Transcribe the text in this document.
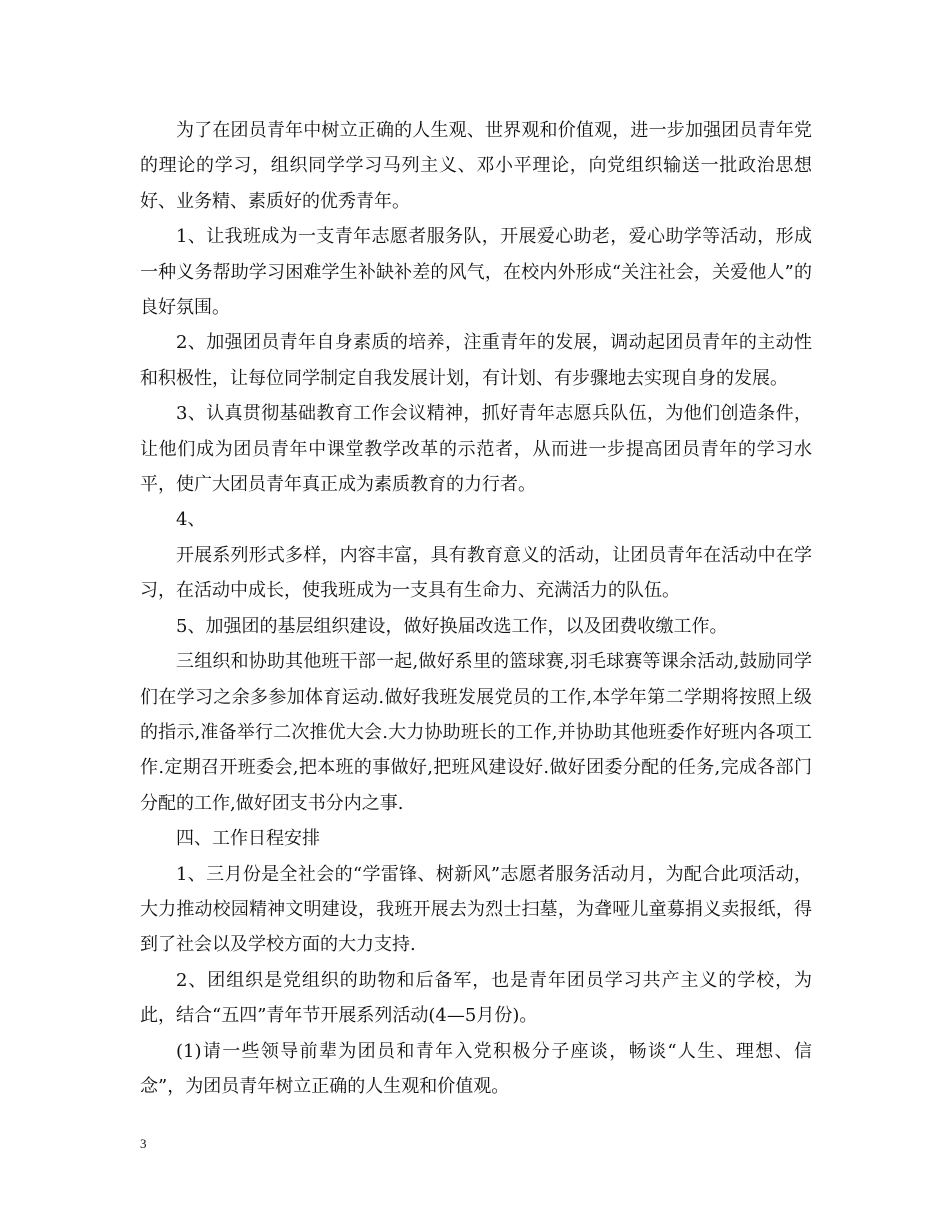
为了在团员青年中树立正确的人生观、世界观和价值观，进一步加强团员青年党的理论的学习，组织同学学习马列主义、邓小平理论，向党组织输送一批政治思想好、业务精、素质好的优秀青年。

1、让我班成为一支青年志愿者服务队，开展爱心助老，爱心助学等活动，形成一种义务帮助学习困难学生补缺补差的风气，在校内外形成“关注社会，关爱他人”的良好氛围。

2、加强团员青年自身素质的培养，注重青年的发展，调动起团员青年的主动性和积极性，让每位同学制定自我发展计划，有计划、有步骤地去实现自身的发展。

3、认真贯彻基础教育工作会议精神，抓好青年志愿兵队伍，为他们创造条件，让他们成为团员青年中课堂教学改革的示范者，从而进一步提高团员青年的学习水平，使广大团员青年真正成为素质教育的力行者。

4、

开展系列形式多样，内容丰富，具有教育意义的活动，让团员青年在活动中在学习，在活动中成长，使我班成为一支具有生命力、充满活力的队伍。

5、加强团的基层组织建设，做好换届改选工作，以及团费收缴工作。

三组织和协助其他班干部一起,做好系里的篮球赛,羽毛球赛等课余活动,鼓励同学们在学习之余多参加体育运动.做好我班发展党员的工作,本学年第二学期将按照上级的指示,准备举行二次推优大会.大力协助班长的工作,并协助其他班委作好班内各项工作.定期召开班委会,把本班的事做好,把班风建设好.做好团委分配的任务,完成各部门分配的工作,做好团支书分内之事.

四、工作日程安排

1、三月份是全社会的“学雷锋、树新风”志愿者服务活动月，为配合此项活动，大力推动校园精神文明建设，我班开展去为烈士扫墓，为聋哑儿童募捐义卖报纸，得到了社会以及学校方面的大力支持.

2、团组织是党组织的助物和后备军，也是青年团员学习共产主义的学校，为此，结合“五四”青年节开展系列活动(4—5月份)。

(1)请一些领导前辈为团员和青年入党积极分子座谈，畅谈“人生、理想、信念”，为团员青年树立正确的人生观和价值观。

3
